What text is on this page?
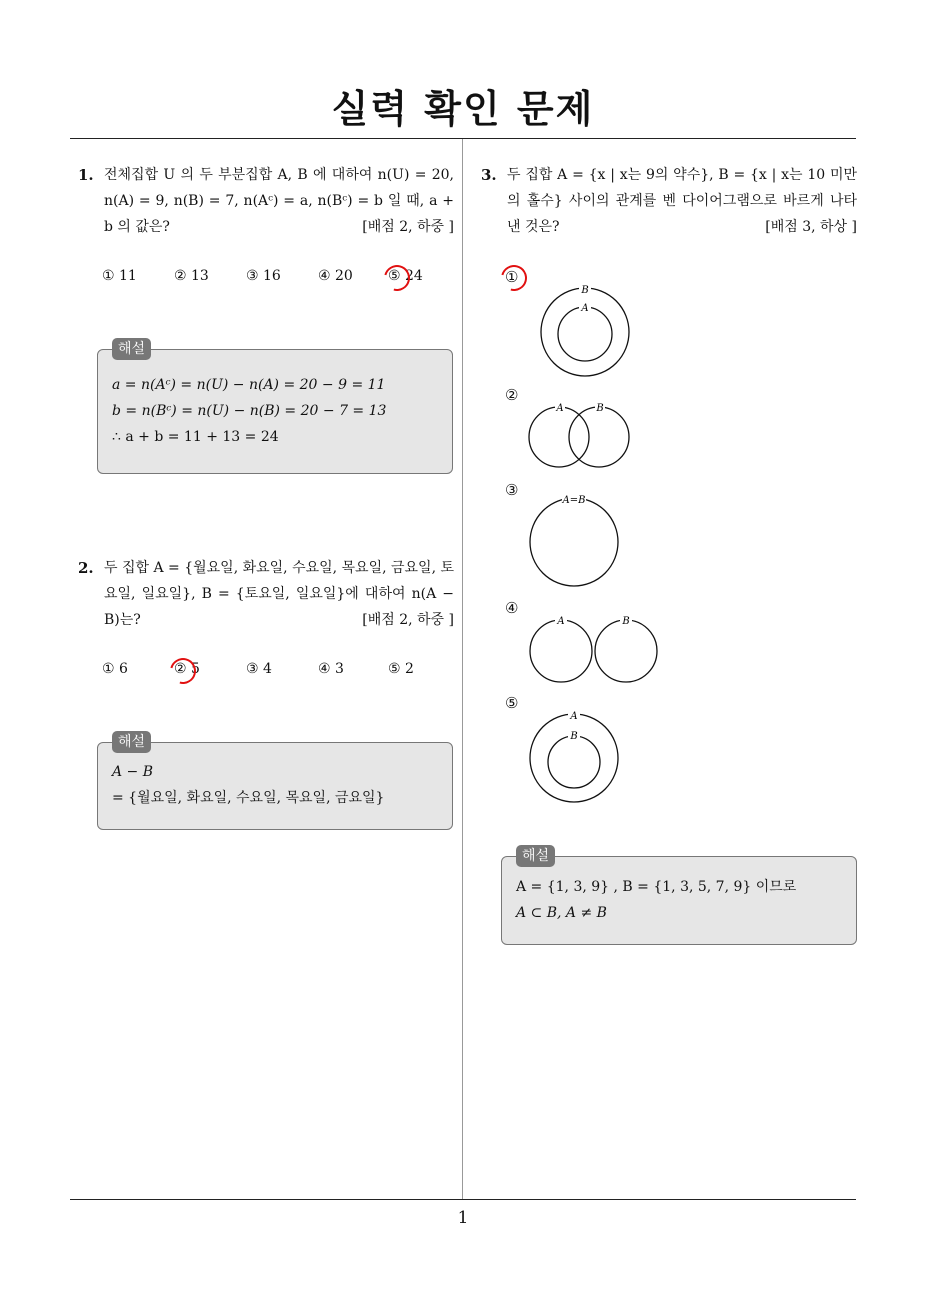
실력 확인 문제
1. 전체집합 U 의 두 부분집합 A, B 에 대하여 n(U) = 20, n(A) = 9, n(B) = 7, n(Aᶜ) = a, n(Bᶜ) = b 일 때, a + b 의 값은?	[배점 2, 하중 ]
① 11	② 13	③ 16	④ 20	⑤ 24
해설
a = n(Aᶜ) = n(U) − n(A) = 20 − 9 = 11
b = n(Bᶜ) = n(U) − n(B) = 20 − 7 = 13
∴ a + b = 11 + 13 = 24
2. 두 집합 A = {월요일, 화요일, 수요일, 목요일, 금요일, 토요일, 일요일}, B = {토요일, 일요일}에 대하여 n(A − B)는?	[배점 2, 하중 ]
① 6	② 5	③ 4	④ 3	⑤ 2
해설
A − B
= {월요일, 화요일, 수요일, 목요일, 금요일}
3. 두 집합 A = {x | x는 9의 약수}, B = {x | x는 10 미만의 홀수} 사이의 관계를 벤 다이어그램으로 바르게 나타낸 것은?	[배점 3, 하상 ]
①
B
A
②
A	B
③
A=B
④
A	B
⑤
A
B
해설
A = {1, 3, 9} , B = {1, 3, 5, 7, 9} 이므로
A ⊂ B, A ≠ B
1
